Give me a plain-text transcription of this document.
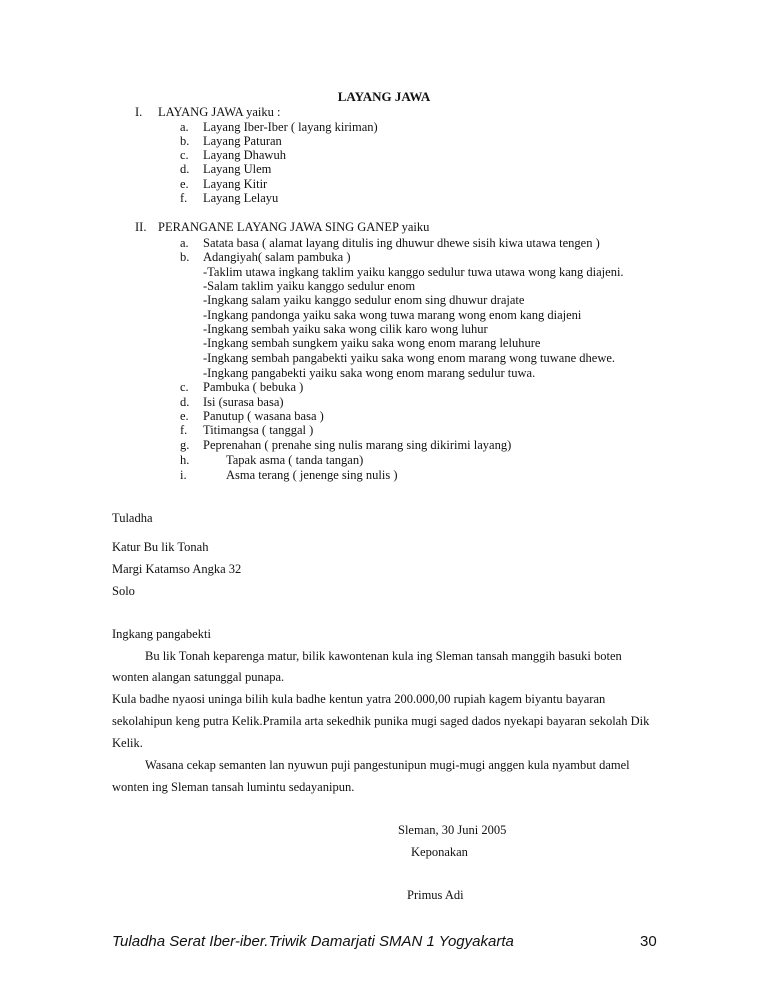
LAYANG JAWA
I. LAYANG JAWA yaiku :
a. Layang Iber-Iber ( layang kiriman)
b. Layang Paturan
c. Layang Dhawuh
d. Layang Ulem
e. Layang Kitir
f. Layang Lelayu
II. PERANGANE LAYANG JAWA SING GANEP yaiku
a. Satata basa ( alamat layang ditulis ing dhuwur dhewe sisih kiwa utawa tengen )
b. Adangiyah( salam pambuka )
-Taklim utawa ingkang taklim yaiku kanggo sedulur tuwa utawa wong kang diajeni.
-Salam taklim yaiku kanggo sedulur enom
-Ingkang salam yaiku kanggo sedulur enom sing dhuwur drajate
-Ingkang pandonga yaiku saka wong tuwa marang wong enom kang diajeni
-Ingkang sembah yaiku saka wong cilik karo wong luhur
-Ingkang sembah sungkem yaiku saka wong enom marang leluhure
-Ingkang sembah pangabekti yaiku saka wong enom marang wong tuwane dhewe.
-Ingkang pangabekti yaiku saka wong enom marang sedulur tuwa.
c. Pambuka ( bebuka )
d. Isi (surasa basa)
e. Panutup ( wasana basa )
f. Titimangsa ( tanggal )
g. Peprenahan ( prenahe sing nulis marang sing dikirimi layang)
h.	Tapak asma ( tanda tangan)
i.	Asma terang ( jenenge sing nulis )
Tuladha
Katur Bu lik Tonah
Margi Katamso Angka 32
Solo
Ingkang pangabekti
Bu lik Tonah keparenga matur, bilik kawontenan kula ing Sleman tansah manggih basuki boten
wonten alangan satunggal punapa.
Kula badhe nyaosi uninga bilih kula badhe kentun yatra 200.000,00 rupiah kagem biyantu bayaran
sekolahipun keng putra Kelik.Pramila arta sekedhik punika mugi saged dados nyekapi bayaran sekolah Dik
Kelik.
Wasana cekap semanten lan nyuwun puji pangestunipun mugi-mugi anggen kula nyambut damel
wonten ing Sleman tansah lumintu sedayanipun.
Sleman, 30 Juni 2005
Keponakan
Primus Adi
Tuladha Serat Iber-iber.Triwik Damarjati SMAN 1 Yogyakarta	30
